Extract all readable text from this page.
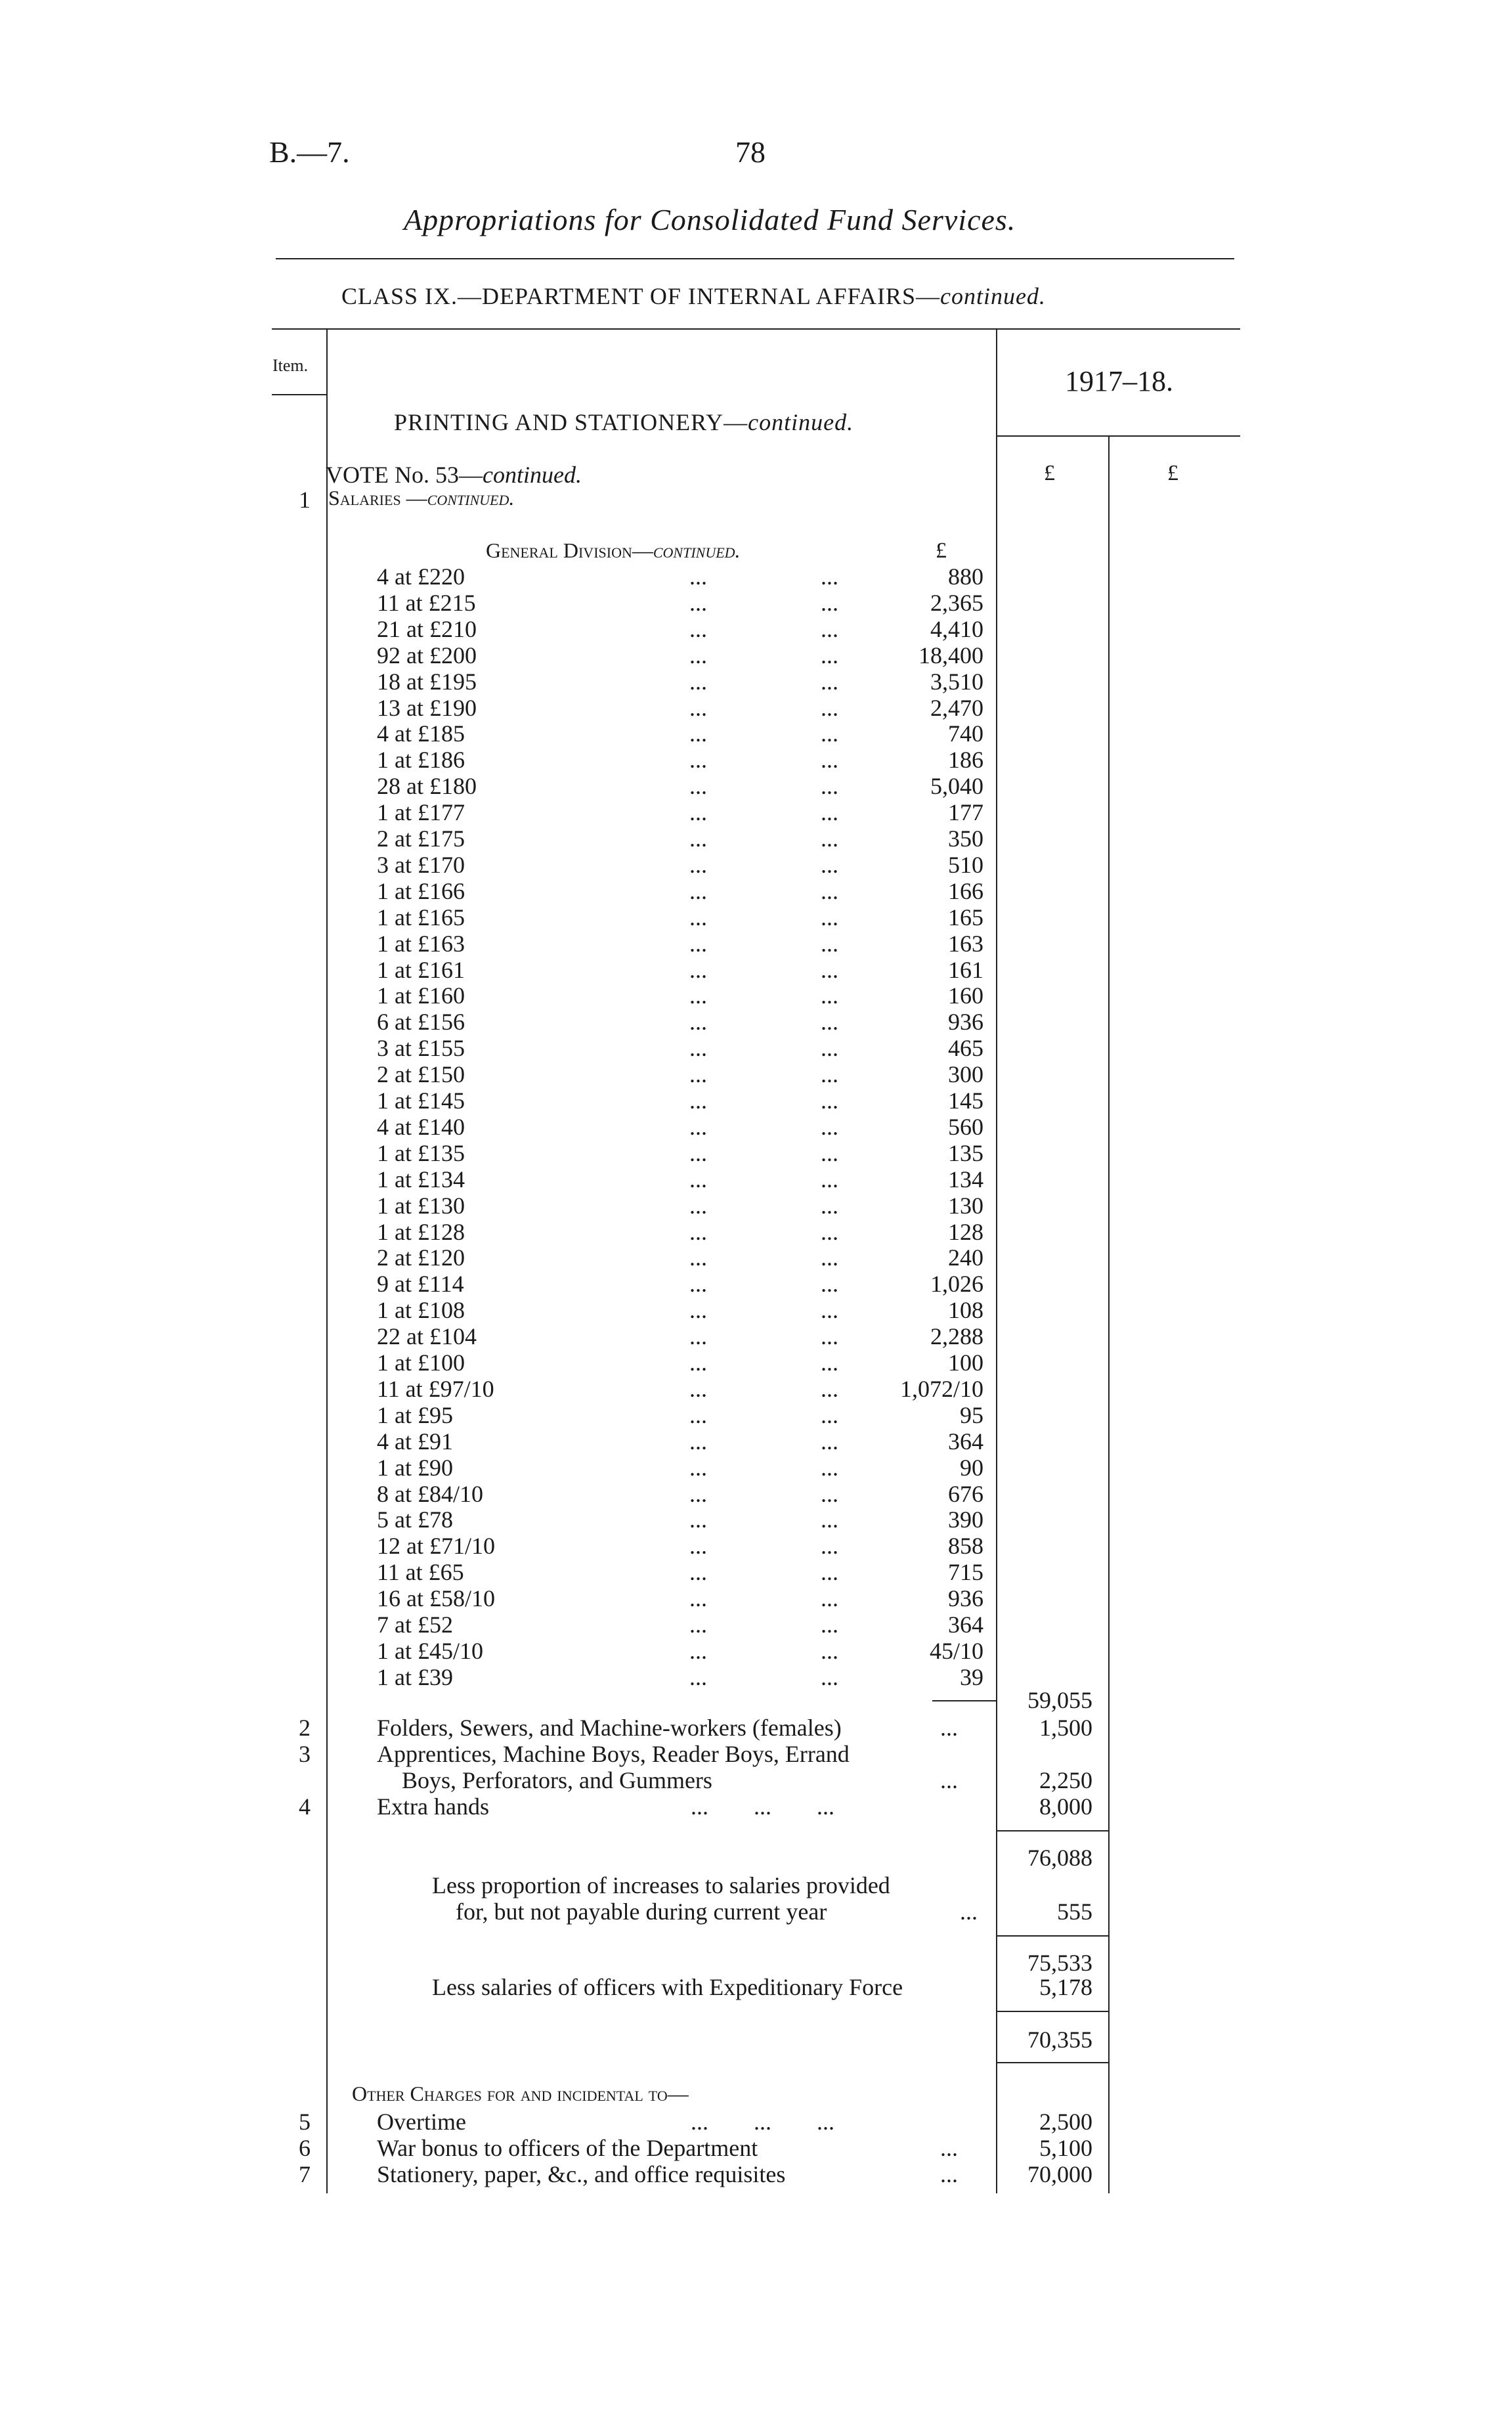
B.—7.	78
Appropriations for Consolidated Fund Services.
CLASS IX.—DEPARTMENT OF INTERNAL AFFAIRS—continued.
Item.	1917–18.
PRINTING AND STATIONERY—continued.
£	£
VOTE No. 53—continued.
1 Salaries —continued.
General Division—continued.	£
4 at £220	...	...	880
11 at £215	...	...	2,365
21 at £210	...	...	4,410
92 at £200	...	...	18,400
18 at £195	...	...	3,510
13 at £190	...	...	2,470
4 at £185	...	...	740
1 at £186	...	...	186
28 at £180	...	...	5,040
1 at £177	...	...	177
2 at £175	...	...	350
3 at £170	...	...	510
1 at £166	...	...	166
1 at £165	...	...	165
1 at £163	...	...	163
1 at £161	...	...	161
1 at £160	...	...	160
6 at £156	...	...	936
3 at £155	...	...	465
2 at £150	...	...	300
1 at £145	...	...	145
4 at £140	...	...	560
1 at £135	...	...	135
1 at £134	...	...	134
1 at £130	...	...	130
1 at £128	...	...	128
2 at £120	...	...	240
9 at £114	...	...	1,026
1 at £108	...	...	108
22 at £104	...	...	2,288
1 at £100	...	...	100
11 at £97/10	...	...	1,072/10
1 at £95	...	...	95
4 at £91	...	...	364
1 at £90	...	...	90
8 at £84/10	...	...	676
5 at £78	...	...	390
12 at £71/10	...	...	858
11 at £65	...	...	715
16 at £58/10	...	...	936
7 at £52	...	...	364
1 at £45/10	...	...	45/10
1 at £39	...	...	39
59,055
2	Folders, Sewers, and Machine-workers (females)	...	1,500
3	Apprentices, Machine Boys, Reader Boys, Errand
Boys, Perforators, and Gummers	...	2,250
4	Extra hands	... ... ...	8,000
76,088
Less proportion of increases to salaries provided
for, but not payable during current year	...	555
75,533
Less salaries of officers with Expeditionary Force	5,178
70,355
Other Charges for and incidental to—
5	Overtime	... ... ...	2,500
6	War bonus to officers of the Department	...	5,100
7	Stationery, paper, &c., and office requisites	...	70,000
